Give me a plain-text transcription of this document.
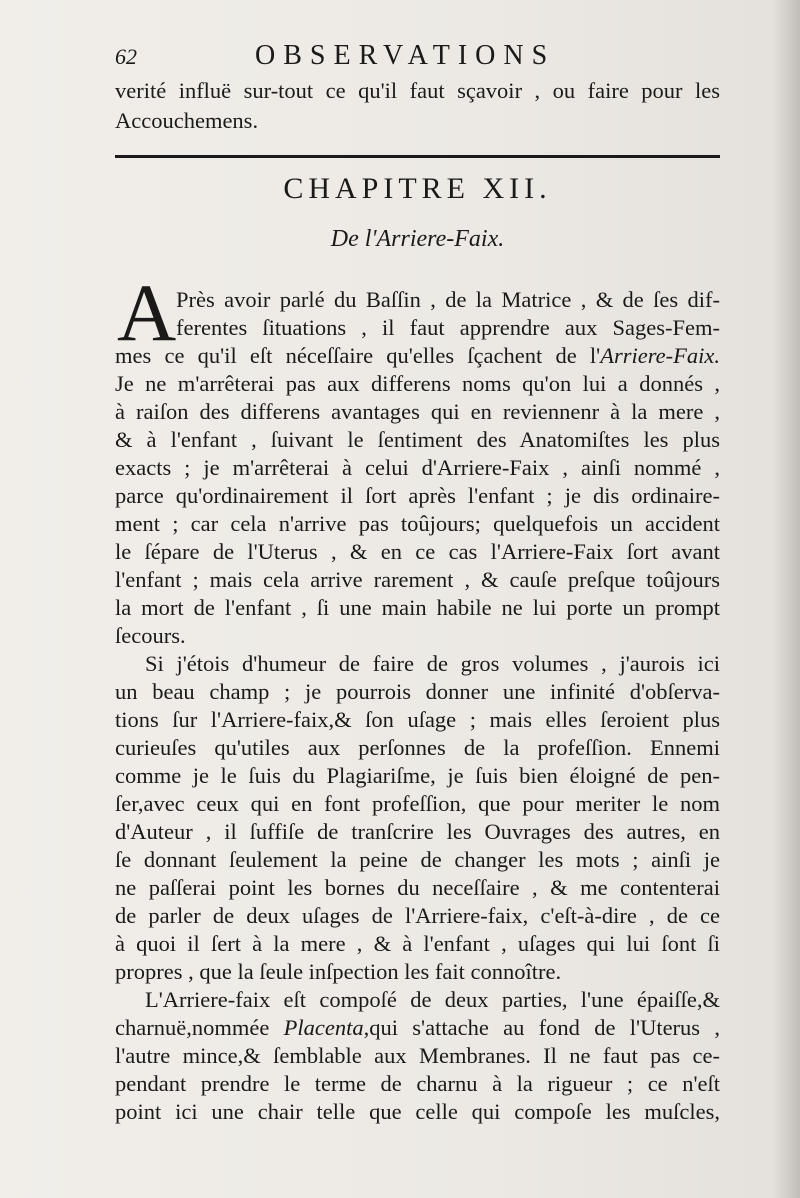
62	OBSERVATIONS
verité influë sur-tout ce qu'il faut sçavoir , ou faire pour les
Accouchemens.
CHAPITRE XII.
De l'Arriere-Faix.
A Près avoir parlé du Baſſin , de la Matrice , & de ſes dif-
ferentes ſituations , il faut apprendre aux Sages-Fem-
mes ce qu'il eſt néceſſaire qu'elles ſçachent de l'Arriere-Faix.
Je ne m'arrêterai pas aux differens noms qu'on lui a donnés ,
à raiſon des differens avantages qui en reviennenr à la mere ,
& à l'enfant , ſuivant le ſentiment des Anatomiſtes les plus
exacts ; je m'arrêterai à celui d'Arriere-Faix , ainſi nommé ,
parce qu'ordinairement il ſort après l'enfant ; je dis ordinaire-
ment ; car cela n'arrive pas toûjours; quelquefois un accident
le ſépare de l'Uterus , & en ce cas l'Arriere-Faix ſort avant
l'enfant ; mais cela arrive rarement , & cauſe preſque toûjours
la mort de l'enfant , ſi une main habile ne lui porte un prompt
ſecours.
Si j'étois d'humeur de faire de gros volumes , j'aurois ici
un beau champ ; je pourrois donner une infinité d'obſerva-
tions ſur l'Arriere-faix,& ſon uſage ; mais elles ſeroient plus
curieuſes qu'utiles aux perſonnes de la profeſſion. Ennemi
comme je le ſuis du Plagiariſme, je ſuis bien éloigné de pen-
ſer,avec ceux qui en font profeſſion, que pour meriter le nom
d'Auteur , il ſuffiſe de tranſcrire les Ouvrages des autres, en
ſe donnant ſeulement la peine de changer les mots ; ainſi je
ne paſſerai point les bornes du neceſſaire , & me contenterai
de parler de deux uſages de l'Arriere-faix, c'eſt-à-dire , de ce
à quoi il ſert à la mere , & à l'enfant , uſages qui lui ſont ſi
propres , que la ſeule inſpection les fait connoître.
L'Arriere-faix eſt compoſé de deux parties, l'une épaiſſe,&
charnuë,nommée Placenta,qui s'attache au fond de l'Uterus ,
l'autre mince,& ſemblable aux Membranes. Il ne faut pas ce-
pendant prendre le terme de charnu à la rigueur ; ce n'eſt
point ici une chair telle que celle qui compoſe les muſcles,
